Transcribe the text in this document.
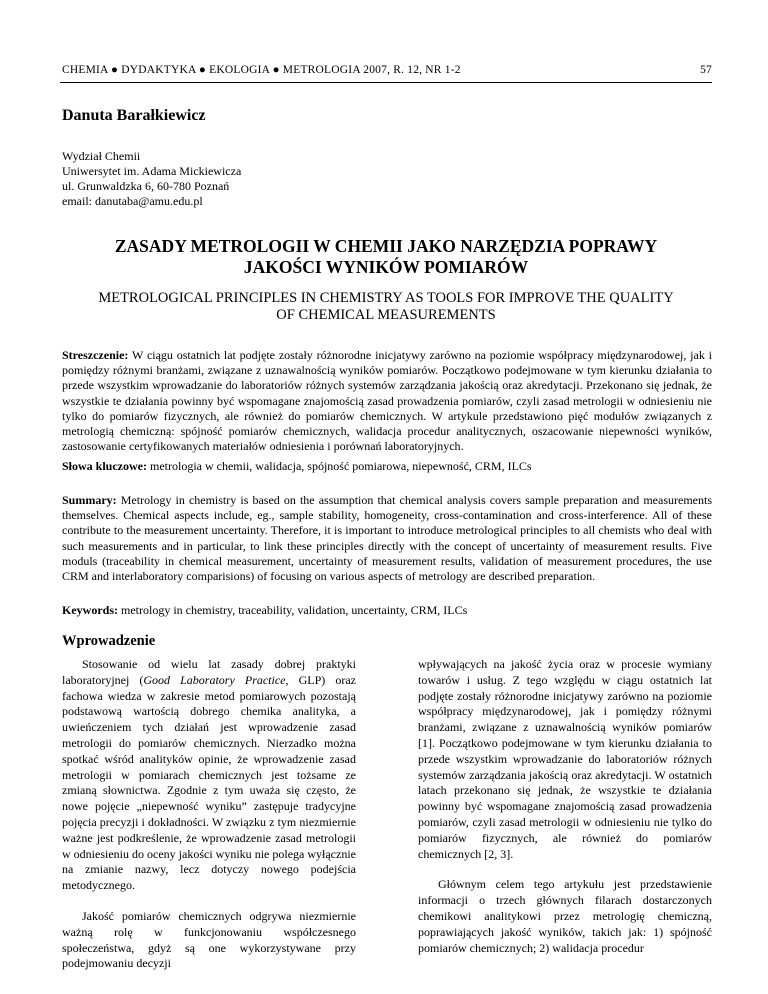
CHEMIA ● DYDAKTYKA ● EKOLOGIA ● METROLOGIA 2007, R. 12, NR 1-2	57
Danuta Barałkiewicz
Wydział Chemii
Uniwersytet im. Adama Mickiewicza
ul. Grunwaldzka 6, 60-780 Poznań
email: danutaba@amu.edu.pl
ZASADY METROLOGII W CHEMII JAKO NARZĘDZIA POPRAWY
JAKOŚCI WYNIKÓW POMIARÓW
METROLOGICAL PRINCIPLES IN CHEMISTRY AS TOOLS FOR IMPROVE THE QUALITY
OF CHEMICAL MEASUREMENTS
Streszczenie: W ciągu ostatnich lat podjęte zostały różnorodne inicjatywy zarówno na poziomie współpracy międzynarodowej, jak i pomiędzy różnymi branżami, związane z uznawalnością wyników pomiarów. Początkowo podejmowane w tym kierunku działania to przede wszystkim wprowadzanie do laboratoriów różnych systemów zarządzania jakością oraz akredytacji. Przekonano się jednak, że wszystkie te działania powinny być wspomagane znajomością zasad prowadzenia pomiarów, czyli zasad metrologii w odniesieniu nie tylko do pomiarów fizycznych, ale również do pomiarów chemicznych. W artykule przedstawiono pięć modułów związanych z metrologią chemiczną: spójność pomiarów chemicznych, walidacja procedur analitycznych, oszacowanie niepewności wyników, zastosowanie certyfikowanych materiałów odniesienia i porównań laboratoryjnych.
Słowa kluczowe: metrologia w chemii, walidacja, spójność pomiarowa, niepewność, CRM, ILCs
Summary: Metrology in chemistry is based on the assumption that chemical analysis covers sample preparation and measurements themselves. Chemical aspects include, eg., sample stability, homogeneity, cross-contamination and cross-interference. All of these contribute to the measurement uncertainty. Therefore, it is important to introduce metrological principles to all chemists who deal with such measurements and in particular, to link these principles directly with the concept of uncertainty of measurement results. Five moduls (traceability in chemical measurement, uncertainty of measurement results, validation of measurement procedures, the use CRM and interlaboratory comparisions) of focusing on various aspects of metrology are described preparation.
Keywords: metrology in chemistry, traceability, validation, uncertainty, CRM, ILCs
Wprowadzenie

Stosowanie od wielu lat zasady dobrej praktyki laboratoryjnej (Good Laboratory Practice, GLP) oraz fachowa wiedza w zakresie metod pomiarowych pozostają podstawową wartością dobrego chemika analityka, a uwieńczeniem tych działań jest wprowadzenie zasad metrologii do pomiarów chemicznych. Nierzadko można spotkać wśród analityków opinie, że wprowadzenie zasad metrologii w pomiarach chemicznych jest tożsame ze zmianą słownictwa. Zgodnie z tym uważa się często, że nowe pojęcie „niepewność wyniku” zastępuje tradycyjne pojęcia precyzji i dokładności. W związku z tym niezmiernie ważne jest podkreślenie, że wprowadzenie zasad metrologii w odniesieniu do oceny jakości wyniku nie polega wyłącznie na zmianie nazwy, lecz dotyczy nowego podejścia metodycznego.

Jakość pomiarów chemicznych odgrywa niezmiernie ważną rolę w funkcjonowaniu współczesnego społeczeństwa, gdyż są one wykorzystywane przy podejmowaniu decyzji

wpływających na jakość życia oraz w procesie wymiany towarów i usług. Z tego względu w ciągu ostatnich lat podjęte zostały różnorodne inicjatywy zarówno na poziomie współpracy międzynarodowej, jak i pomiędzy różnymi branżami, związane z uznawalnością wyników pomiarów [1]. Początkowo podejmowane w tym kierunku działania to przede wszystkim wprowadzanie do laboratoriów różnych systemów zarządzania jakością oraz akredytacji. W ostatnich latach przekonano się jednak, że wszystkie te działania powinny być wspomagane znajomością zasad prowadzenia pomiarów, czyli zasad metrologii w odniesieniu nie tylko do pomiarów fizycznych, ale również do pomiarów chemicznych [2, 3].

Głównym celem tego artykułu jest przedstawienie informacji o trzech głównych filarach dostarczonych chemikowi analitykowi przez metrologię chemiczną, poprawiających jakość wyników, takich jak: 1) spójność pomiarów chemicznych; 2) walidacja procedur
